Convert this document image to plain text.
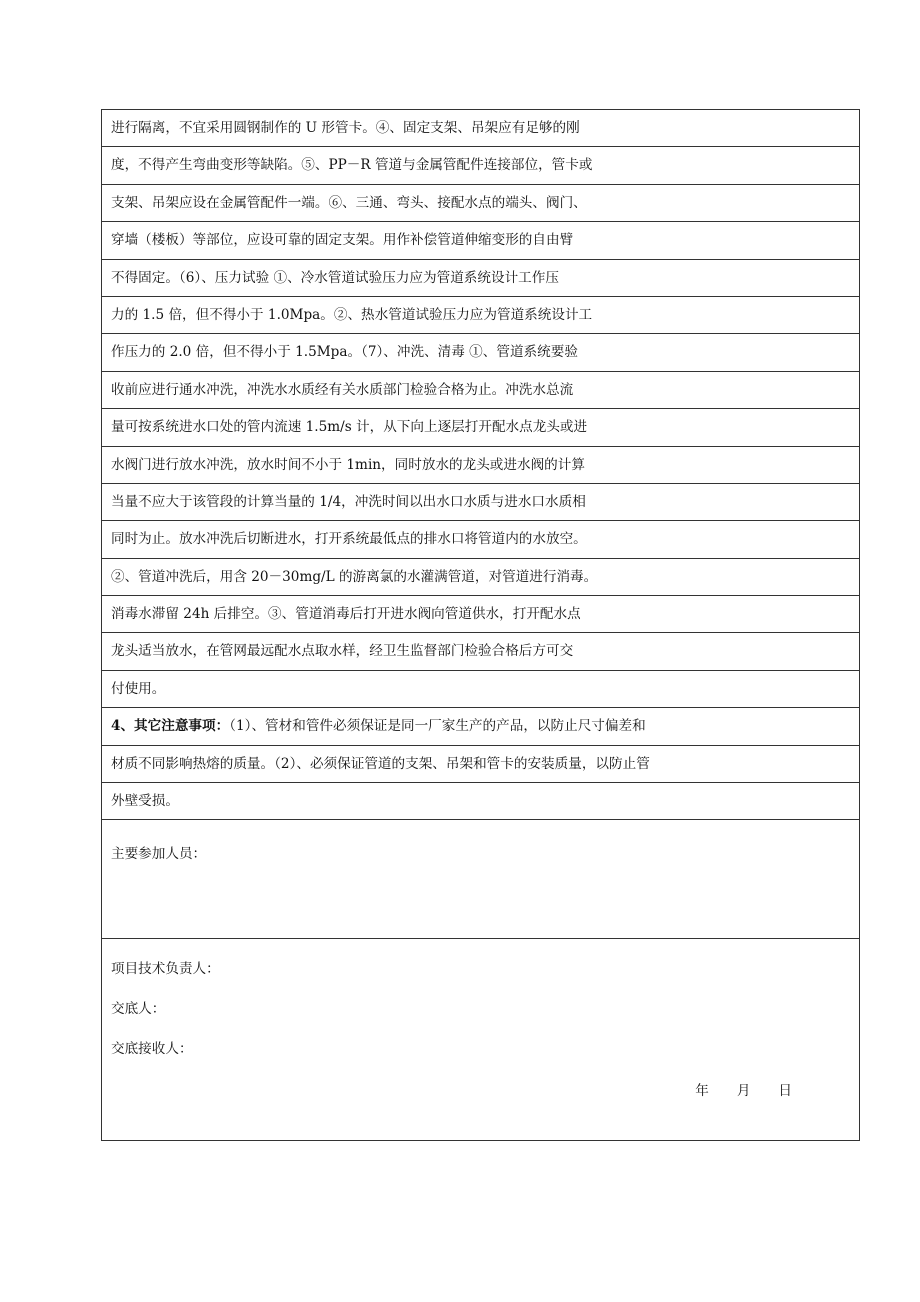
进行隔离，不宜采用圆钢制作的 U 形管卡。④、固定支架、吊架应有足够的刚
度，不得产生弯曲变形等缺陷。⑤、PP－R 管道与金属管配件连接部位，管卡或
支架、吊架应设在金属管配件一端。⑥、三通、弯头、接配水点的端头、阀门、
穿墙（楼板）等部位，应设可靠的固定支架。用作补偿管道伸缩变形的自由臂
不得固定。（6）、压力试验 ①、冷水管道试验压力应为管道系统设计工作压
力的 1.5 倍，但不得小于 1.0Mpa。②、热水管道试验压力应为管道系统设计工
作压力的 2.0 倍，但不得小于 1.5Mpa。（7）、冲洗、清毒 ①、管道系统要验
收前应进行通水冲洗，冲洗水水质经有关水质部门检验合格为止。冲洗水总流
量可按系统进水口处的管内流速 1.5m/s 计，从下向上逐层打开配水点龙头或进
水阀门进行放水冲洗，放水时间不小于 1min，同时放水的龙头或进水阀的计算
当量不应大于该管段的计算当量的 1/4，冲洗时间以出水口水质与进水口水质相
同时为止。放水冲洗后切断进水，打开系统最低点的排水口将管道内的水放空。
②、管道冲洗后，用含 20－30mg/L 的游离氯的水灌满管道，对管道进行消毒。
消毒水滞留 24h 后排空。③、管道消毒后打开进水阀向管道供水，打开配水点
龙头适当放水，在管网最远配水点取水样，经卫生监督部门检验合格后方可交
付使用。
4、其它注意事项：（1）、管材和管件必须保证是同一厂家生产的产品，以防止尺寸偏差和
材质不同影响热熔的质量。（2）、必须保证管道的支架、吊架和管卡的安装质量，以防止管
外壁受损。
主要参加人员：
项目技术负责人：
交底人：
交底接收人：
年 月 日
